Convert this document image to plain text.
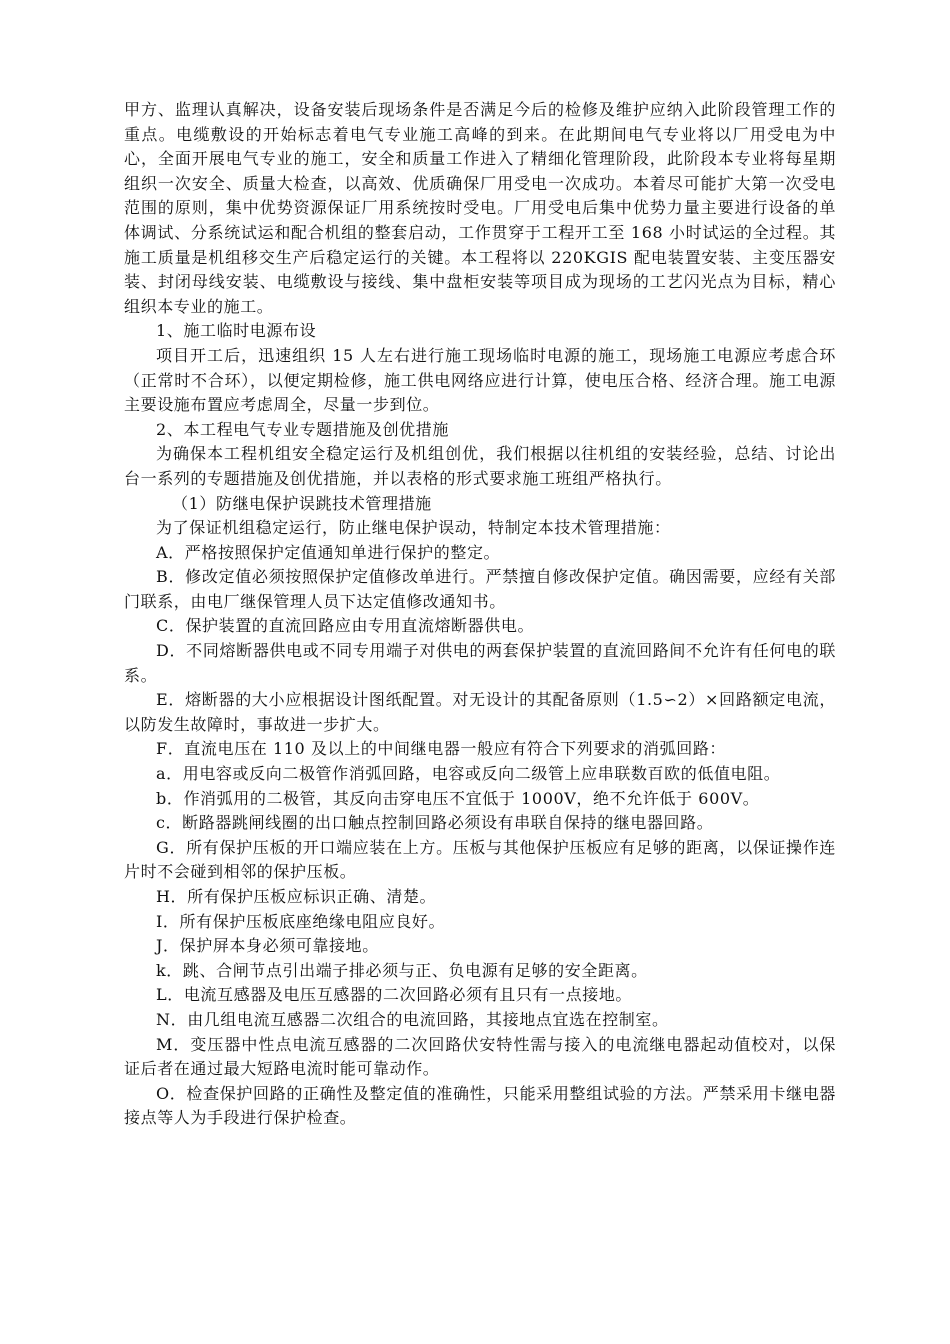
甲方、监理认真解决，设备安装后现场条件是否满足今后的检修及维护应纳入此阶段管理工作的重点。电缆敷设的开始标志着电气专业施工高峰的到来。在此期间电气专业将以厂用受电为中心，全面开展电气专业的施工，安全和质量工作进入了精细化管理阶段，此阶段本专业将每星期组织一次安全、质量大检查，以高效、优质确保厂用受电一次成功。本着尽可能扩大第一次受电范围的原则，集中优势资源保证厂用系统按时受电。厂用受电后集中优势力量主要进行设备的单体调试、分系统试运和配合机组的整套启动，工作贯穿于工程开工至 168 小时试运的全过程。其施工质量是机组移交生产后稳定运行的关键。本工程将以 220KGIS 配电装置安装、主变压器安装、封闭母线安装、电缆敷设与接线、集中盘柜安装等项目成为现场的工艺闪光点为目标，精心组织本专业的施工。

1、施工临时电源布设

项目开工后，迅速组织 15 人左右进行施工现场临时电源的施工，现场施工电源应考虑合环（正常时不合环），以便定期检修，施工供电网络应进行计算，使电压合格、经济合理。施工电源主要设施布置应考虑周全，尽量一步到位。

2、本工程电气专业专题措施及创优措施

为确保本工程机组安全稳定运行及机组创优，我们根据以往机组的安装经验，总结、讨论出台一系列的专题措施及创优措施，并以表格的形式要求施工班组严格执行。

（1）防继电保护误跳技术管理措施

为了保证机组稳定运行，防止继电保护误动，特制定本技术管理措施：

A．严格按照保护定值通知单进行保护的整定。

B．修改定值必须按照保护定值修改单进行。严禁擅自修改保护定值。确因需要，应经有关部门联系，由电厂继保管理人员下达定值修改通知书。

C．保护装置的直流回路应由专用直流熔断器供电。

D．不同熔断器供电或不同专用端子对供电的两套保护装置的直流回路间不允许有任何电的联系。

E．熔断器的大小应根据设计图纸配置。对无设计的其配备原则（1.5∽2）×回路额定电流，以防发生故障时，事故进一步扩大。

F．直流电压在 110 及以上的中间继电器一般应有符合下列要求的消弧回路：

a．用电容或反向二极管作消弧回路，电容或反向二级管上应串联数百欧的低值电阻。

b．作消弧用的二极管，其反向击穿电压不宜低于 1000V，绝不允许低于 600V。

c．断路器跳闸线圈的出口触点控制回路必须设有串联自保持的继电器回路。

G．所有保护压板的开口端应装在上方。压板与其他保护压板应有足够的距离，以保证操作连片时不会碰到相邻的保护压板。

H．所有保护压板应标识正确、清楚。

I．所有保护压板底座绝缘电阻应良好。

J．保护屏本身必须可靠接地。

k．跳、合闸节点引出端子排必须与正、负电源有足够的安全距离。

L．电流互感器及电压互感器的二次回路必须有且只有一点接地。

N．由几组电流互感器二次组合的电流回路，其接地点宜选在控制室。

M．变压器中性点电流互感器的二次回路伏安特性需与接入的电流继电器起动值校对，以保证后者在通过最大短路电流时能可靠动作。

O．检查保护回路的正确性及整定值的准确性，只能采用整组试验的方法。严禁采用卡继电器接点等人为手段进行保护检查。
